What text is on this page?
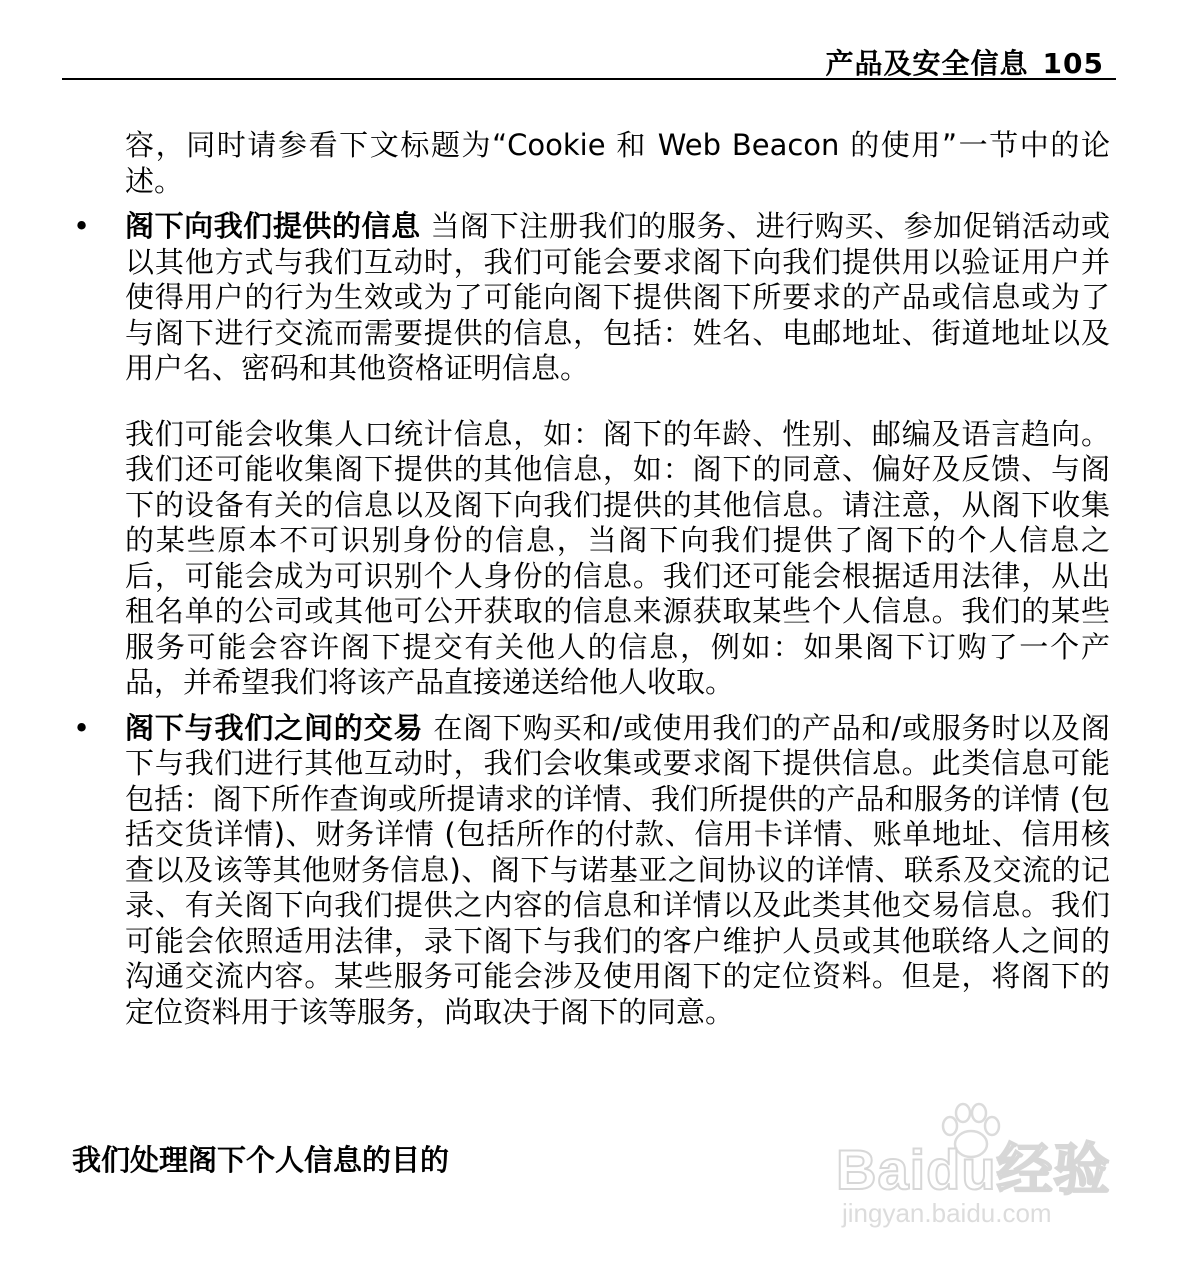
产品及安全信息 105

容，同时请参看下文标题为“Cookie 和 Web Beacon 的使用”一节中的论述。

• 阁下向我们提供的信息 当阁下注册我们的服务、进行购买、参加促销活动或以其他方式与我们互动时，我们可能会要求阁下向我们提供用以验证用户并使得用户的行为生效或为了可能向阁下提供阁下所要求的产品或信息或为了与阁下进行交流而需要提供的信息，包括：姓名、电邮地址、街道地址以及用户名、密码和其他资格证明信息。

我们可能会收集人口统计信息，如：阁下的年龄、性别、邮编及语言趋向。我们还可能收集阁下提供的其他信息，如：阁下的同意、偏好及反馈、与阁下的设备有关的信息以及阁下向我们提供的其他信息。请注意，从阁下收集的某些原本不可识别身份的信息，当阁下向我们提供了阁下的个人信息之后，可能会成为可识别个人身份的信息。我们还可能会根据适用法律，从出租名单的公司或其他可公开获取的信息来源获取某些个人信息。我们的某些服务可能会容许阁下提交有关他人的信息，例如：如果阁下订购了一个产品，并希望我们将该产品直接递送给他人收取。

• 阁下与我们之间的交易 在阁下购买和/或使用我们的产品和/或服务时以及阁下与我们进行其他互动时，我们会收集或要求阁下提供信息。此类信息可能包括：阁下所作查询或所提请求的详情、我们所提供的产品和服务的详情 (包括交货详情)、财务详情 (包括所作的付款、信用卡详情、账单地址、信用核查以及该等其他财务信息)、阁下与诺基亚之间协议的详情、联系及交流的记录、有关阁下向我们提供之内容的信息和详情以及此类其他交易信息。我们可能会依照适用法律，录下阁下与我们的客户维护人员或其他联络人之间的沟通交流内容。某些服务可能会涉及使用阁下的定位资料。但是，将阁下的定位资料用于该等服务，尚取决于阁下的同意。

我们处理阁下个人信息的目的	Baidu经验
jingyan.baidu.com
